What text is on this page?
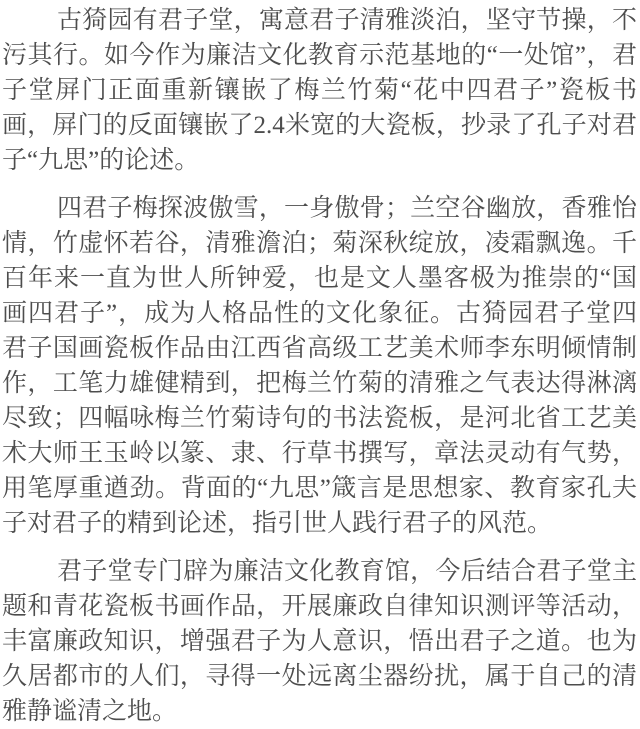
古猗园有君子堂，寓意君子清雅淡泊，坚守节操，不污其行。如今作为廉洁文化教育示范基地的“一处馆”，君子堂屏门正面重新镶嵌了梅兰竹菊“花中四君子”瓷板书画，屏门的反面镶嵌了2.4米宽的大瓷板，抄录了孔子对君子“九思”的论述。

四君子梅探波傲雪，一身傲骨；兰空谷幽放，香雅怡情，竹虚怀若谷，清雅澹泊；菊深秋绽放，凌霜飘逸。千百年来一直为世人所钟爱，也是文人墨客极为推崇的“国画四君子”，成为人格品性的文化象征。古猗园君子堂四君子国画瓷板作品由江西省高级工艺美术师李东明倾情制作，工笔力雄健精到，把梅兰竹菊的清雅之气表达得淋漓尽致；四幅咏梅兰竹菊诗句的书法瓷板，是河北省工艺美术大师王玉岭以篆、隶、行草书撰写，章法灵动有气势，用笔厚重遒劲。背面的“九思”箴言是思想家、教育家孔夫子对君子的精到论述，指引世人践行君子的风范。

君子堂专门辟为廉洁文化教育馆，今后结合君子堂主题和青花瓷板书画作品，开展廉政自律知识测评等活动，丰富廉政知识，增强君子为人意识，悟出君子之道。也为久居都市的人们，寻得一处远离尘器纷扰，属于自己的清雅静谧清之地。
